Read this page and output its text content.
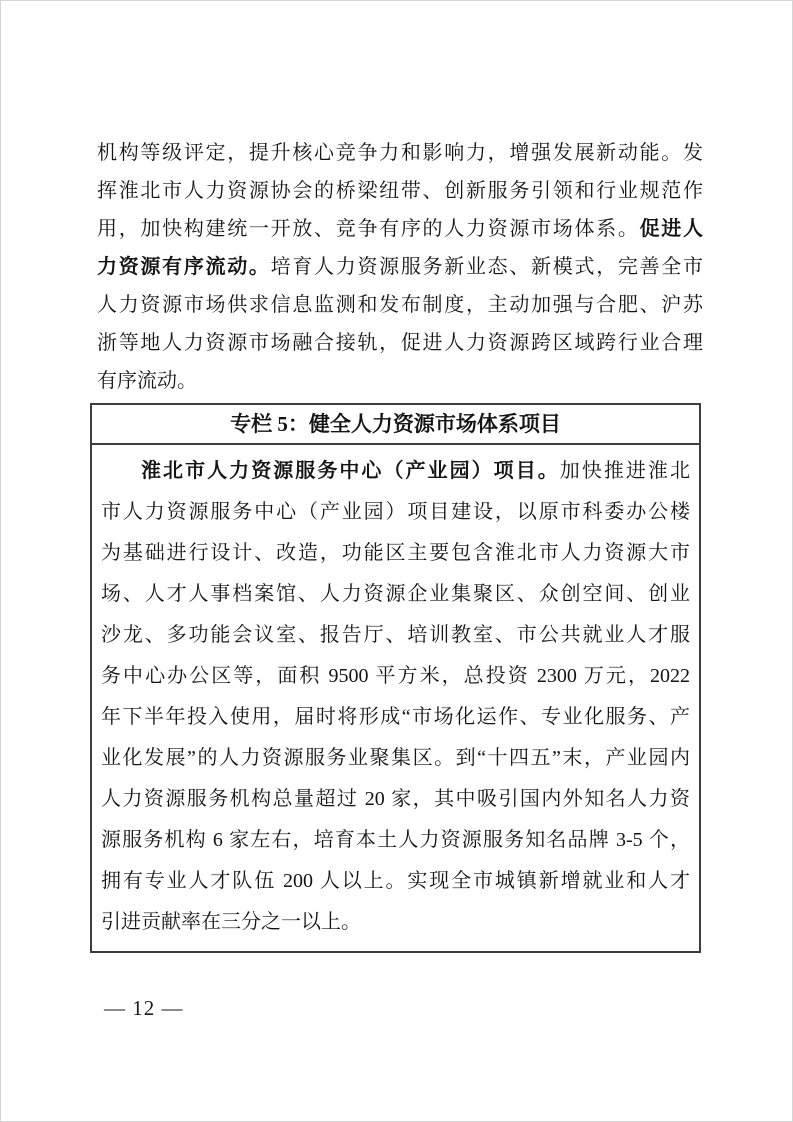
机构等级评定，提升核心竞争力和影响力，增强发展新动能。发
挥淮北市人力资源协会的桥梁纽带、创新服务引领和行业规范作
用，加快构建统一开放、竞争有序的人力资源市场体系。促进人
力资源有序流动。培育人力资源服务新业态、新模式，完善全市
人力资源市场供求信息监测和发布制度，主动加强与合肥、沪苏
浙等地人力资源市场融合接轨，促进人力资源跨区域跨行业合理
有序流动。
专栏 5：健全人力资源市场体系项目
淮北市人力资源服务中心（产业园）项目。加快推进淮北
市人力资源服务中心（产业园）项目建设，以原市科委办公楼
为基础进行设计、改造，功能区主要包含淮北市人力资源大市
场、人才人事档案馆、人力资源企业集聚区、众创空间、创业
沙龙、多功能会议室、报告厅、培训教室、市公共就业人才服
务中心办公区等，面积 9500 平方米，总投资 2300 万元，2022
年下半年投入使用，届时将形成“市场化运作、专业化服务、产
业化发展”的人力资源服务业聚集区。到“十四五”末，产业园内
人力资源服务机构总量超过 20 家，其中吸引国内外知名人力资
源服务机构 6 家左右，培育本土人力资源服务知名品牌 3-5 个，
拥有专业人才队伍 200 人以上。实现全市城镇新增就业和人才
引进贡献率在三分之一以上。
— 12 —
